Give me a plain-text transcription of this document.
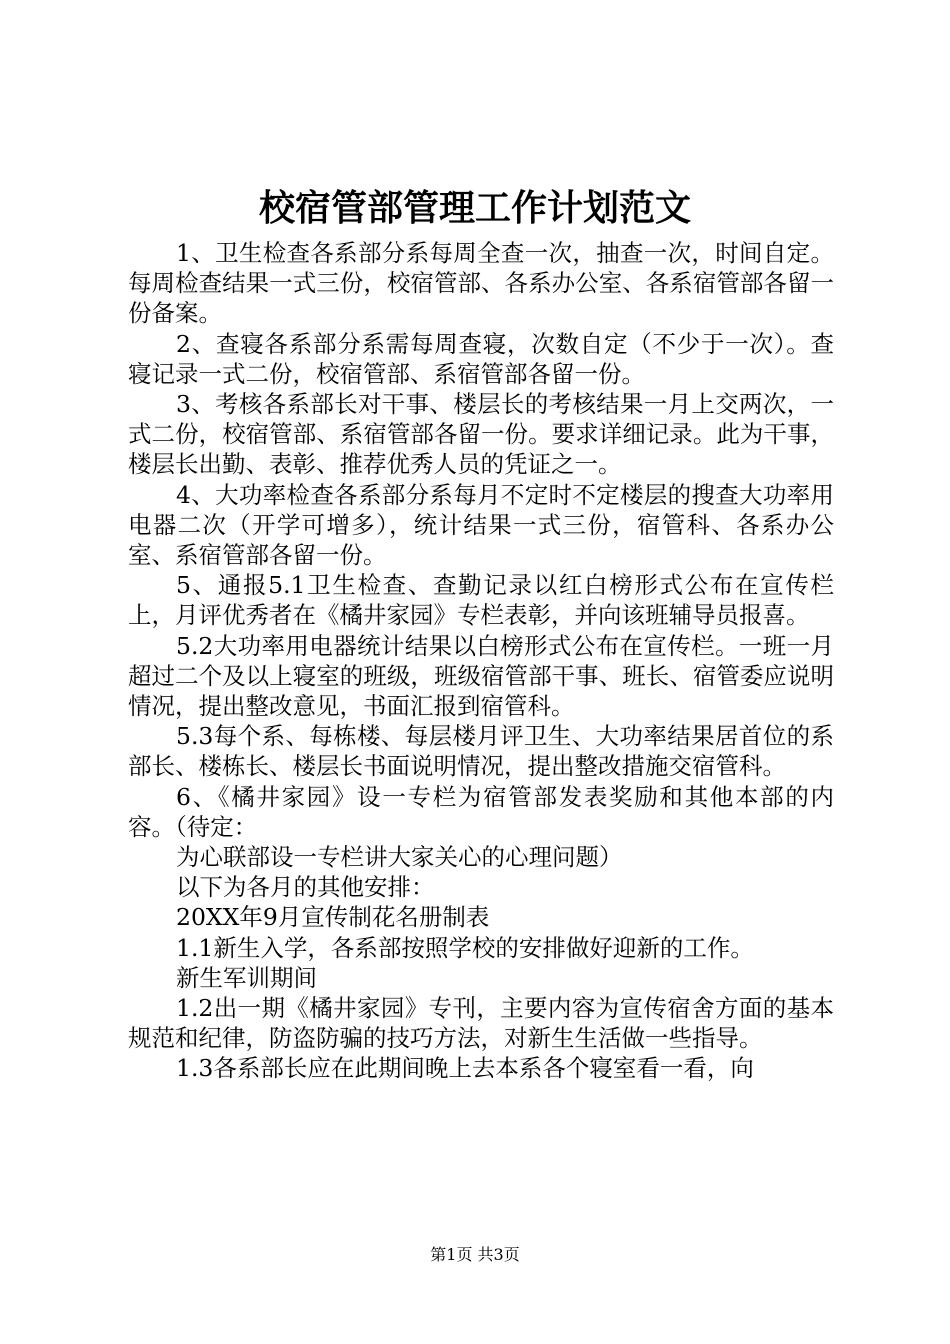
校宿管部管理工作计划范文

1、卫生检查各系部分系每周全查一次，抽查一次，时间自定。每周检查结果一式三份，校宿管部、各系办公室、各系宿管部各留一份备案。

2、查寝各系部分系需每周查寝，次数自定（不少于一次）。查寝记录一式二份，校宿管部、系宿管部各留一份。

3、考核各系部长对干事、楼层长的考核结果一月上交两次，一式二份，校宿管部、系宿管部各留一份。要求详细记录。此为干事，楼层长出勤、表彰、推荐优秀人员的凭证之一。

4、大功率检查各系部分系每月不定时不定楼层的搜查大功率用电器二次（开学可增多），统计结果一式三份，宿管科、各系办公室、系宿管部各留一份。

5、通报5.1卫生检查、查勤记录以红白榜形式公布在宣传栏上，月评优秀者在《橘井家园》专栏表彰，并向该班辅导员报喜。

5.2大功率用电器统计结果以白榜形式公布在宣传栏。一班一月超过二个及以上寝室的班级，班级宿管部干事、班长、宿管委应说明情况，提出整改意见，书面汇报到宿管科。

5.3每个系、每栋楼、每层楼月评卫生、大功率结果居首位的系部长、楼栋长、楼层长书面说明情况，提出整改措施交宿管科。

6、《橘井家园》设一专栏为宿管部发表奖励和其他本部的内容。（待定：

为心联部设一专栏讲大家关心的心理问题）

以下为各月的其他安排：

20XX年9月宣传制花名册制表

1.1新生入学，各系部按照学校的安排做好迎新的工作。

新生军训期间

1.2出一期《橘井家园》专刊，主要内容为宣传宿舍方面的基本规范和纪律，防盗防骗的技巧方法，对新生生活做一些指导。

1.3各系部长应在此期间晚上去本系各个寝室看一看，向

第1页 共3页
